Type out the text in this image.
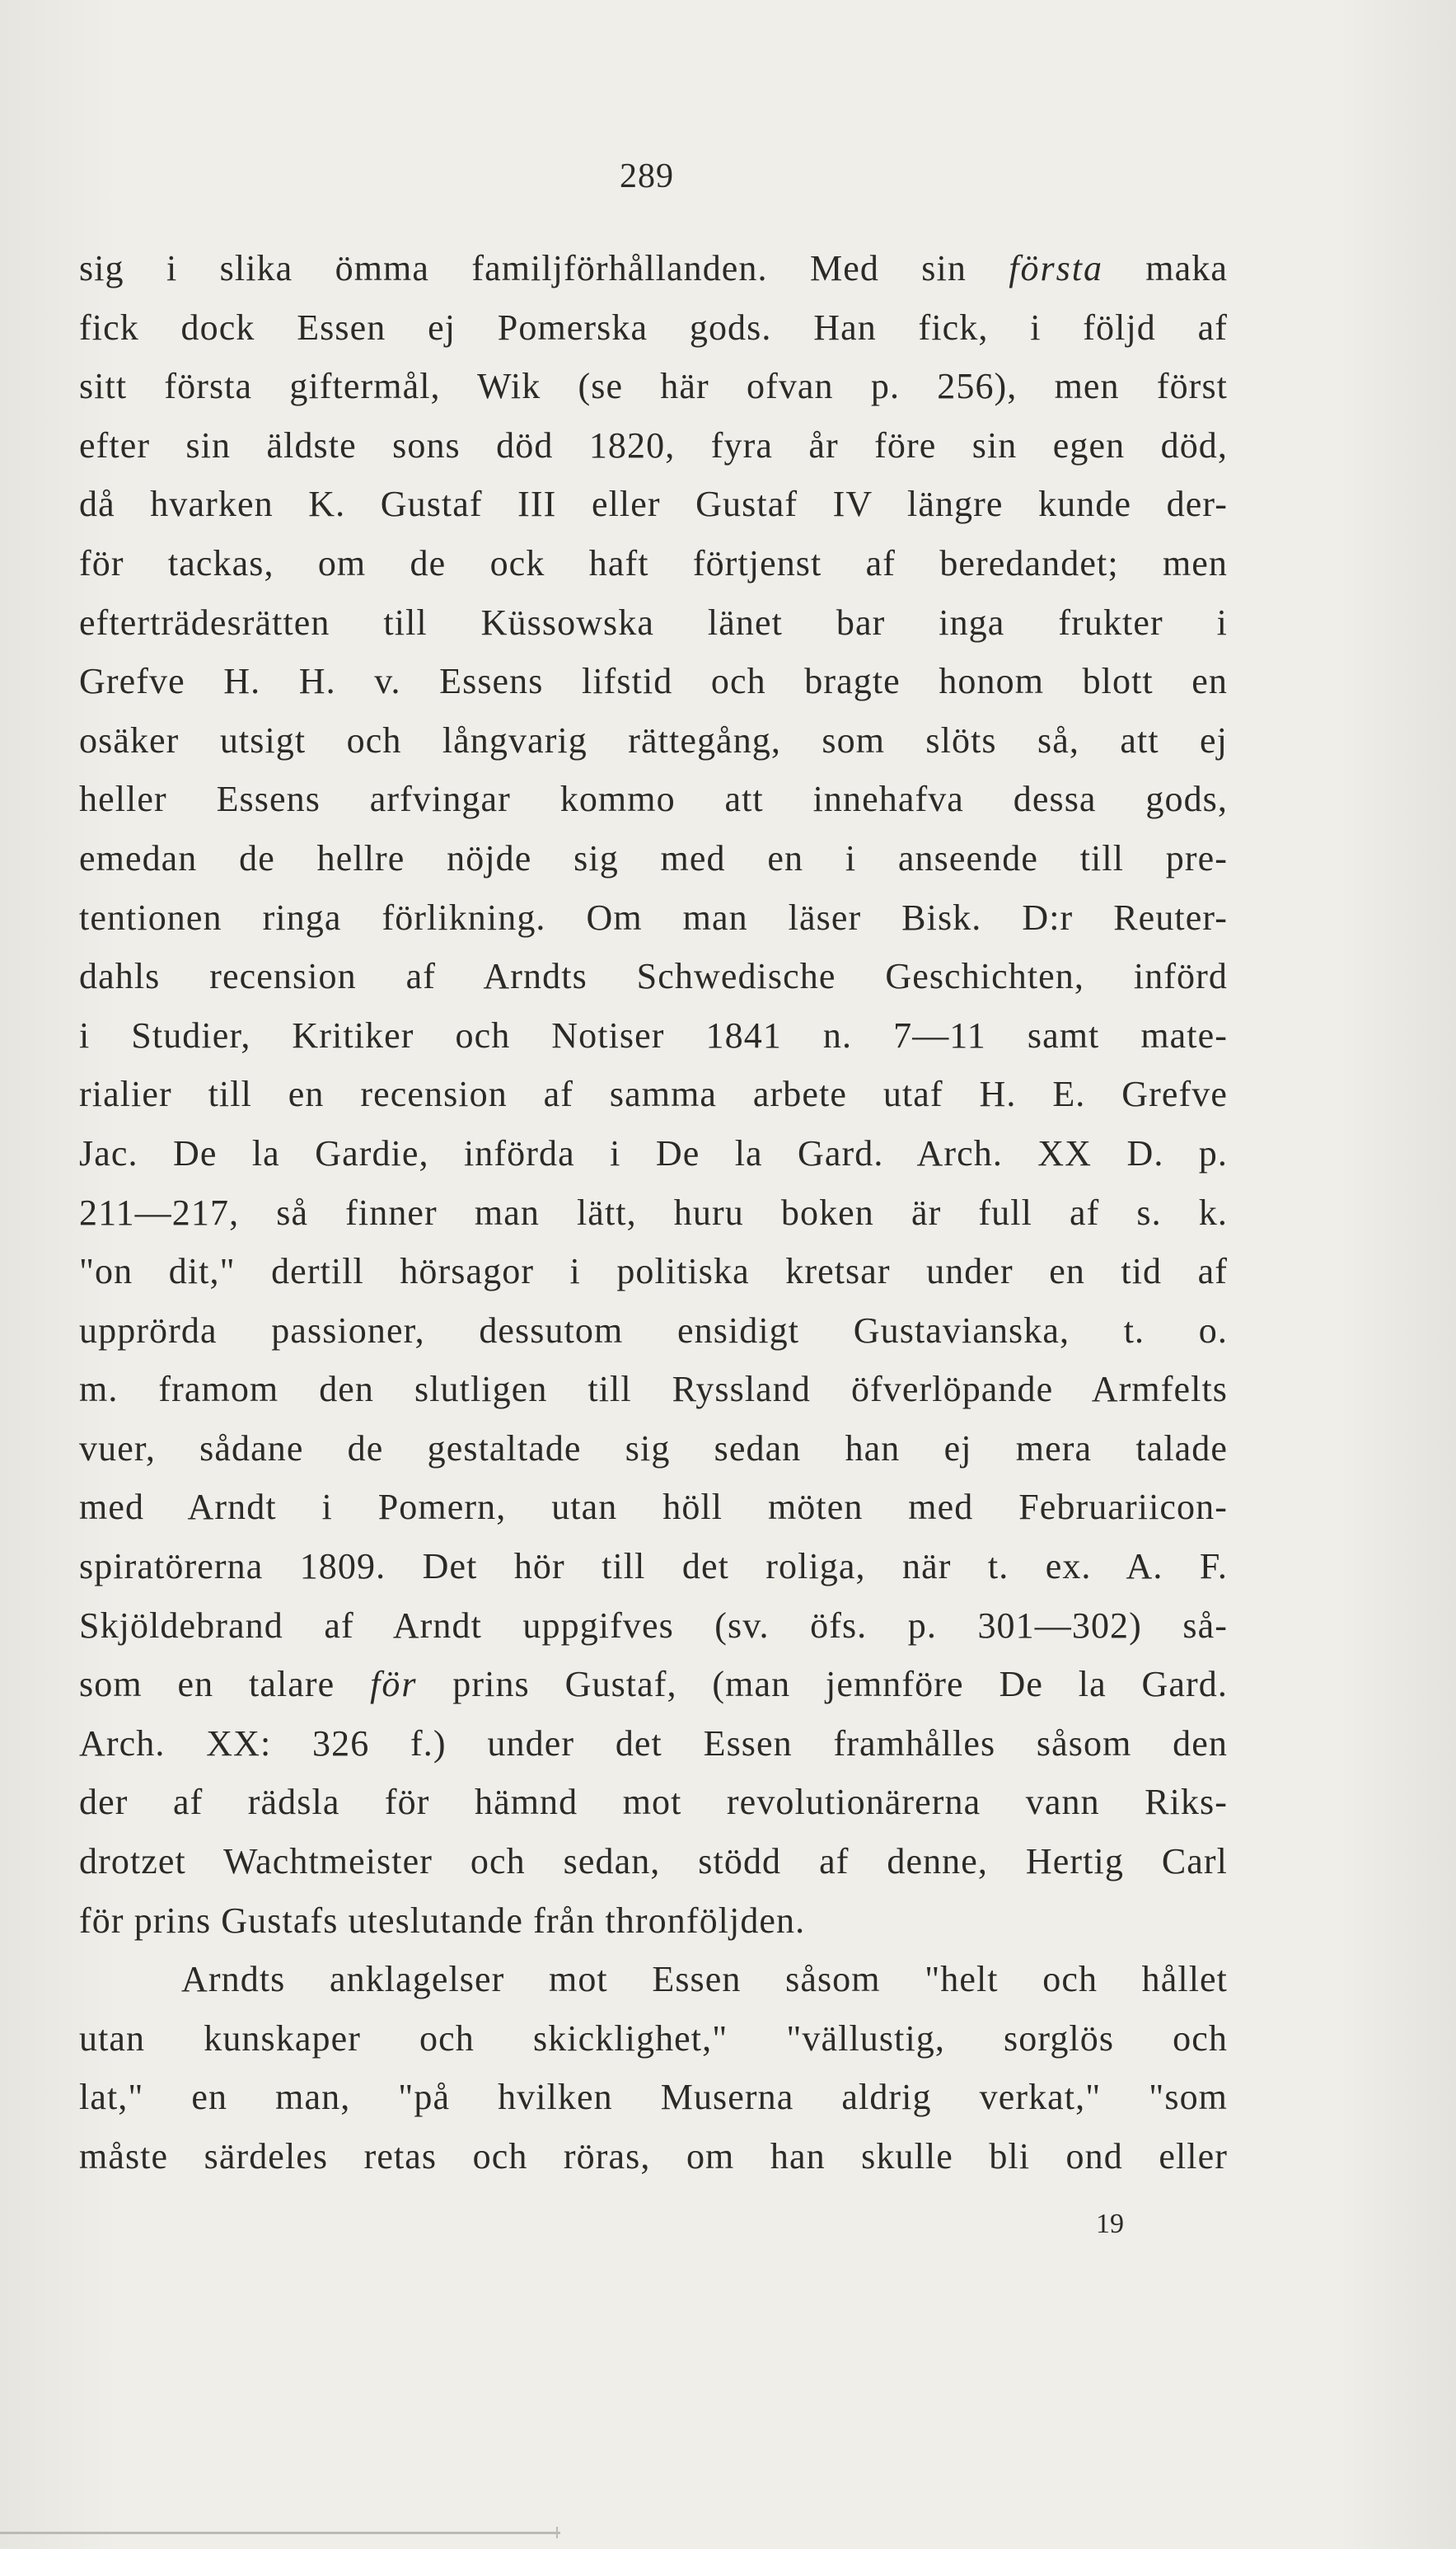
289
sig i slika ömma familjförhållanden. Med sin första maka
fick dock Essen ej Pomerska gods. Han fick, i följd af
sitt första giftermål, Wik (se här ofvan p. 256), men först
efter sin äldste sons död 1820, fyra år före sin egen död,
då hvarken K. Gustaf III eller Gustaf IV längre kunde der-
för tackas, om de ock haft förtjenst af beredandet; men
efterträdesrätten till Küssowska länet bar inga frukter i
Grefve H. H. v. Essens lifstid och bragte honom blott en
osäker utsigt och långvarig rättegång, som slöts så, att ej
heller Essens arfvingar kommo att innehafva dessa gods,
emedan de hellre nöjde sig med en i anseende till pre-
tentionen ringa förlikning. Om man läser Bisk. D:r Reuter-
dahls recension af Arndts Schwedische Geschichten, införd
i Studier, Kritiker och Notiser 1841 n. 7—11 samt mate-
rialier till en recension af samma arbete utaf H. E. Grefve
Jac. De la Gardie, införda i De la Gard. Arch. XX D. p.
211—217, så finner man lätt, huru boken är full af s. k.
"on dit," dertill hörsagor i politiska kretsar under en tid af
upprörda passioner, dessutom ensidigt Gustavianska, t. o.
m. framom den slutligen till Ryssland öfverlöpande Armfelts
vuer, sådane de gestaltade sig sedan han ej mera talade
med Arndt i Pomern, utan höll möten med Februariicon-
spiratörerna 1809. Det hör till det roliga, när t. ex. A. F.
Skjöldebrand af Arndt uppgifves (sv. öfs. p. 301—302) så-
som en talare för prins Gustaf, (man jemnföre De la Gard.
Arch. XX: 326 f.) under det Essen framhålles såsom den
der af rädsla för hämnd mot revolutionärerna vann Riks-
drotzet Wachtmeister och sedan, stödd af denne, Hertig Carl
för prins Gustafs uteslutande från thronföljden.
Arndts anklagelser mot Essen såsom "helt och hållet
utan kunskaper och skicklighet," "vällustig, sorglös och
lat," en man, "på hvilken Muserna aldrig verkat," "som
måste särdeles retas och röras, om han skulle bli ond eller
19
